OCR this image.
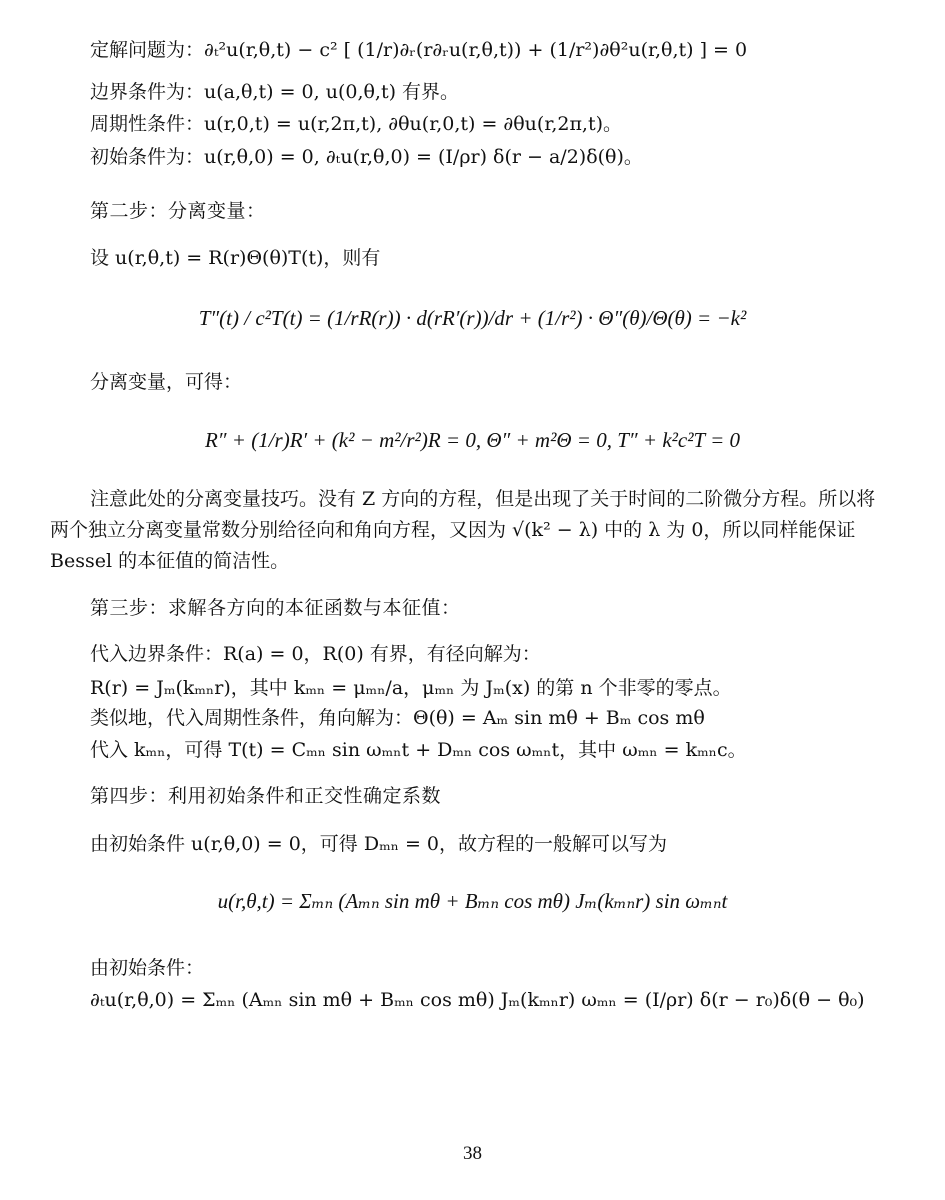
定解问题为：∂ₜ²u(r,θ,t) − c² [ (1/r)∂ᵣ(r∂ᵣu(r,θ,t)) + (1/r²)∂θ²u(r,θ,t) ] = 0
边界条件为：u(a,θ,t) = 0, u(0,θ,t) 有界。
周期性条件：u(r,0,t) = u(r,2π,t), ∂θu(r,0,t) = ∂θu(r,2π,t)。
初始条件为：u(r,θ,0) = 0, ∂ₜu(r,θ,0) = (I/ρr) δ(r − a/2)δ(θ)。
第二步：分离变量：
设 u(r,θ,t) = R(r)Θ(θ)T(t)，则有
T″(t) / c²T(t) = (1/rR(r)) · d(rR′(r))/dr + (1/r²) · Θ″(θ)/Θ(θ) = −k²
分离变量，可得：
R″ + (1/r)R′ + (k² − m²/r²)R = 0, Θ″ + m²Θ = 0, T″ + k²c²T = 0
注意此处的分离变量技巧。没有 Z 方向的方程，但是出现了关于时间的二阶微分方程。所以将两个独立分离变量常数分别给径向和角向方程，又因为 √(k² − λ) 中的 λ 为 0，所以同样能保证 Bessel 的本征值的简洁性。
第三步：求解各方向的本征函数与本征值：
代入边界条件：R(a) = 0，R(0) 有界，有径向解为：
R(r) = Jₘ(kₘₙr)，其中 kₘₙ = μₘₙ/a，μₘₙ 为 Jₘ(x) 的第 n 个非零的零点。
类似地，代入周期性条件，角向解为：Θ(θ) = Aₘ sin mθ + Bₘ cos mθ
代入 kₘₙ，可得 T(t) = Cₘₙ sin ωₘₙt + Dₘₙ cos ωₘₙt，其中 ωₘₙ = kₘₙc。
第四步：利用初始条件和正交性确定系数
由初始条件 u(r,θ,0) = 0，可得 Dₘₙ = 0，故方程的一般解可以写为
u(r,θ,t) = Σₘₙ (Aₘₙ sin mθ + Bₘₙ cos mθ) Jₘ(kₘₙr) sin ωₘₙt
由初始条件：
∂ₜu(r,θ,0) = Σₘₙ (Aₘₙ sin mθ + Bₘₙ cos mθ) Jₘ(kₘₙr) ωₘₙ = (I/ρr) δ(r − r₀)δ(θ − θ₀)
38
